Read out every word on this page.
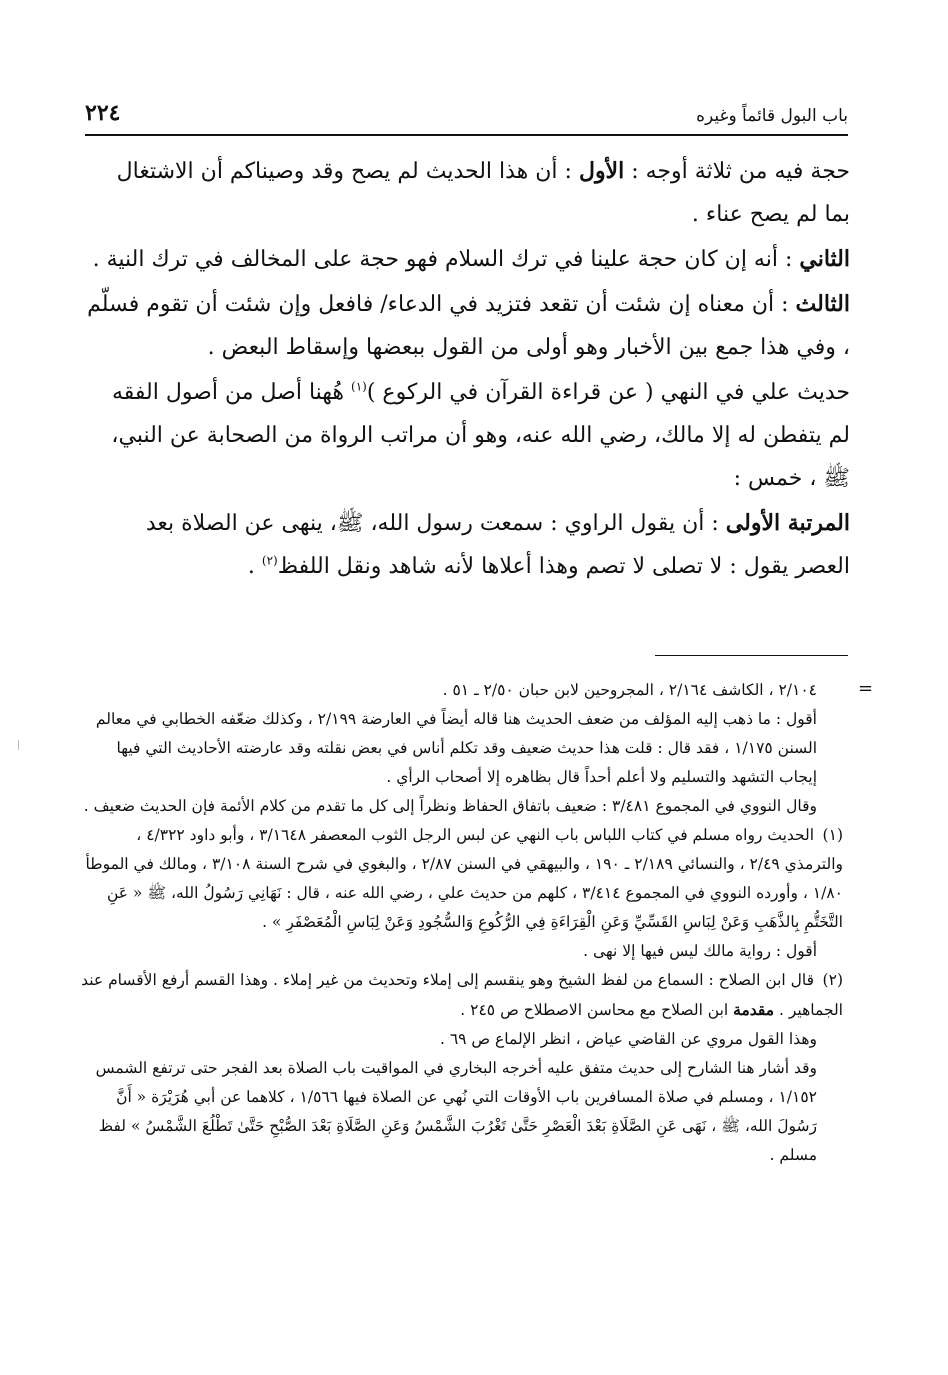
باب البول قائماً وغيره
٢٢٤

حجة فيه من ثلاثة أوجه : الأول : أن هذا الحديث لم يصح وقد وصيناكم أن الاشتغال بما لم يصح عناء .

الثاني : أنه إن كان حجة علينا في ترك السلام فهو حجة على المخالف في ترك النية .

الثالث : أن معناه إن شئت أن تقعد فتزيد في الدعاء/ فافعل وإن شئت أن تقوم فسلّم ، وفي هذا جمع بين الأخبار وهو أولى من القول ببعضها وإسقاط البعض .

حديث علي في النهي ( عن قراءة القرآن في الركوع )$^{(١)}$ هُهنا أصل من أصول الفقه لم يتفطن له إلا مالك، رضي الله عنه، وهو أن مراتب الرواة من الصحابة عن النبي، ﷺ ، خمس :

المرتبة الأولى : أن يقول الراوي : سمعت رسول الله، ﷺ، ينهى عن الصلاة بعد العصر يقول : لا تصلى لا تصم وهذا أعلاها لأنه شاهد ونقل اللفظ$^{(٢)}$ .

=

٢/١٠٤ ، الكاشف ٢/١٦٤ ، المجروحين لابن حبان ٢/٥٠ ـ ٥١ .

أقول : ما ذهب إليه المؤلف من ضعف الحديث هنا قاله أيضاً في العارضة ٢/١٩٩ ، وكذلك ضعّفه الخطابي في معالم السنن ١/١٧٥ ، فقد قال : قلت هذا حديث ضعيف وقد تكلم أناس في بعض نقلته وقد عارضته الأحاديث التي فيها إيجاب التشهد والتسليم ولا أعلم أحداً قال بظاهره إلا أصحاب الرأي .

وقال النووي في المجموع ٣/٤٨١ : ضعيف باتفاق الحفاظ ونظراً إلى كل ما تقدم من كلام الأئمة فإن الحديث ضعيف .

(١) الحديث رواه مسلم في كتاب اللباس باب النهي عن لبس الرجل الثوب المعصفر ٣/١٦٤٨ ، وأبو داود ٤/٣٢٢ ، والترمذي ٢/٤٩ ، والنسائي ٢/١٨٩ ـ ١٩٠ ، والبيهقي في السنن ٢/٨٧ ، والبغوي في شرح السنة ٣/١٠٨ ، ومالك في الموطأ ١/٨٠ ، وأورده النووي في المجموع ٣/٤١٤ ، كلهم من حديث علي ، رضي الله عنه ، قال : نَهَانِي رَسُولُ الله، ﷺ « عَنِ التَّخَتُّمِ بِالذَّهَبِ وَعَنْ لِبَاسِ القَسِّيِّ وَعَنِ الْقِرَاءَةِ فِي الرُّكُوعِ وَالسُّجُودِ وَعَنْ لِبَاسِ الْمُعَصْفَرِ » .

أقول : رواية مالك ليس فيها إلا نهى .

(٢) قال ابن الصلاح : السماع من لفظ الشيخ وهو ينقسم إلى إملاء وتحديث من غير إملاء . وهذا القسم أرفع الأقسام عند الجماهير . مقدمة ابن الصلاح مع محاسن الاصطلاح ص ٢٤٥ .

وهذا القول مروي عن القاضي عياض ، انظر الإلماع ص ٦٩ .

وقد أشار هنا الشارح إلى حديث متفق عليه أخرجه البخاري في المواقيت باب الصلاة بعد الفجر حتى ترتفع الشمس ١/١٥٢ ، ومسلم في صلاة المسافرين باب الأوقات التي نُهي عن الصلاة فيها ١/٥٦٦ ، كلاهما عن أبي هُرَيْرَة « أَنَّ رَسُولَ الله، ﷺ ، نَهَى عَنِ الصَّلَاةِ بَعْدَ الْعَصْرِ حَتَّىٰ تَغْرُبَ الشَّمْسُ وَعَنِ الصَّلَاةِ بَعْدَ الصُّبْحِ حَتَّىٰ تَطْلُعَ الشَّمْسُ » لفظ مسلم .
